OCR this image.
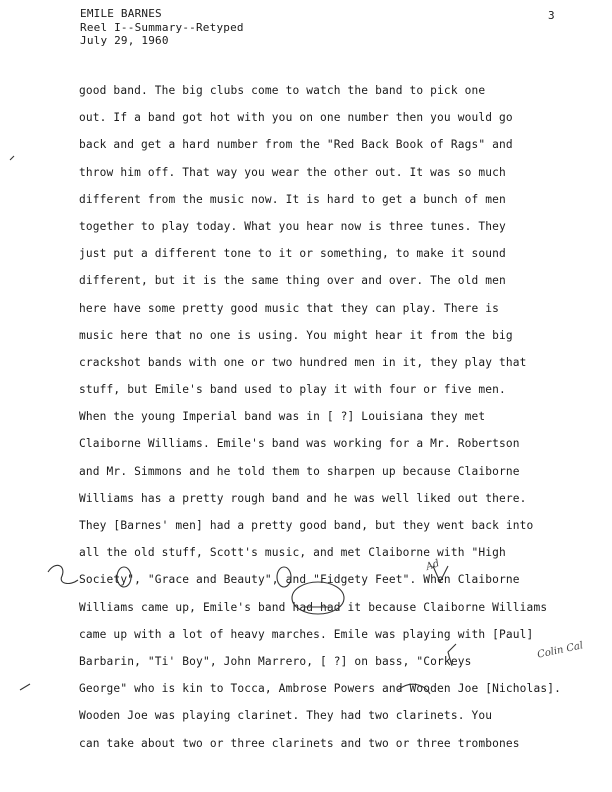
EMILE BARNES
Reel I--Summary--Retyped
July 29, 1960
3
good band. The big clubs come to watch the band to pick one
out. If a band got hot with you on one number then you would go
back and get a hard number from the "Red Back Book of Rags" and
throw him off. That way you wear the other out. It was so much
different from the music now. It is hard to get a bunch of men
together to play today. What you hear now is three tunes. They
just put a different tone to it or something, to make it sound
different, but it is the same thing over and over. The old men
here have some pretty good music that they can play. There is
music here that no one is using. You might hear it from the big
crackshot bands with one or two hundred men in it, they play that
stuff, but Emile's band used to play it with four or five men.
When the young Imperial band was in [ ?] Louisiana they met
Claiborne Williams. Emile's band was working for a Mr. Robertson
and Mr. Simmons and he told them to sharpen up because Claiborne
Williams has a pretty rough band and he was well liked out there.
They [Barnes' men] had a pretty good band, but they went back into
all the old stuff, Scott's music, and met Claiborne with "High
Society", "Grace and Beauty", and "Fidgety Feet". When Claiborne
Williams came up, Emile's band had had it because Claiborne Williams
came up with a lot of heavy marches. Emile was playing with [Paul]
Barbarin, "Ti' Boy", John Marrero, [ ?] on bass, "Corkeys
George" who is kin to Tocca, Ambrose Powers and Wooden Joe [Nicholas].
Wooden Joe was playing clarinet. They had two clarinets. You
can take about two or three clarinets and two or three trombones
Colin Cal
Ad
